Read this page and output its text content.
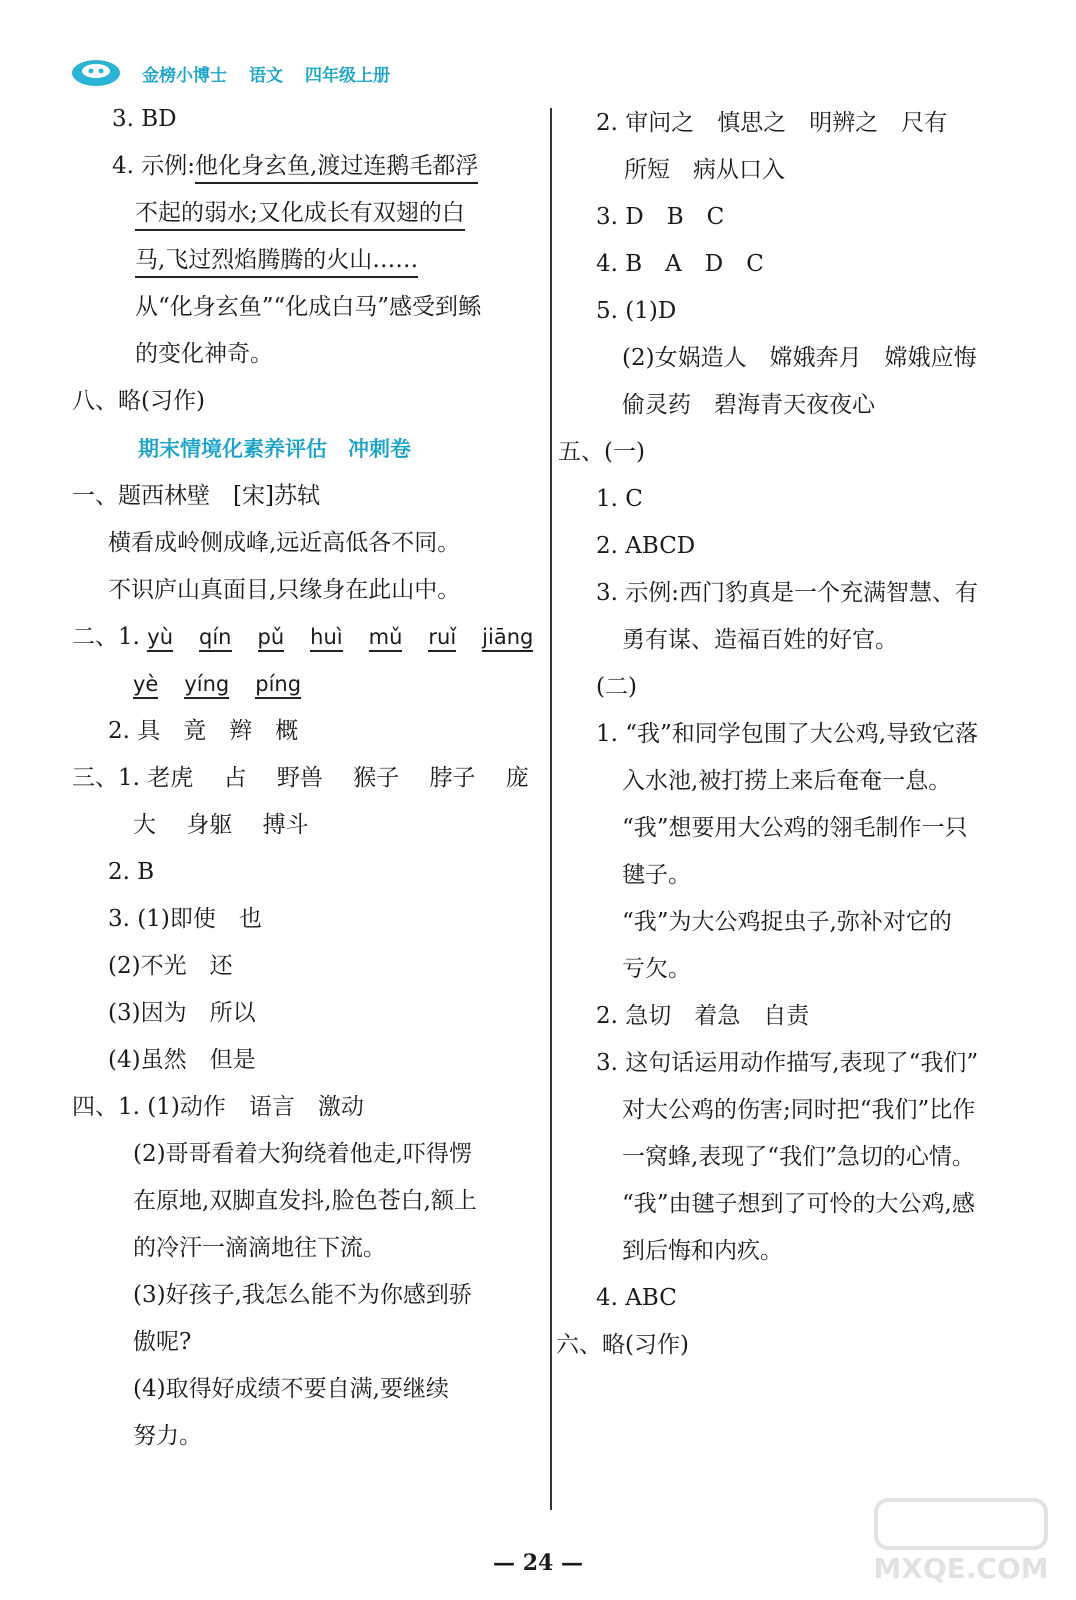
金榜小博士 语文 四年级上册
3. BD
4. 示例:他化身玄鱼,渡过连鹅毛都浮
不起的弱水;又化成长有双翅的白
马,飞过烈焰腾腾的火山……
从“化身玄鱼”“化成白马”感受到鲧
的变化神奇。
八、略(习作)
期末情境化素养评估　冲刺卷
一、题西林壁　[宋]苏轼
横看成岭侧成峰,远近高低各不同。
不识庐山真面目,只缘身在此山中。
二、1. yù qín pǔ huì mǔ ruǐ jiāng
yè yíng píng
2. 具　竟　辫　概
三、1. 老虎　 占　 野兽　 猴子　 脖子　 庞
大　 身躯　 搏斗
2. B
3. (1)即使　也
(2)不光　还
(3)因为　所以
(4)虽然　但是
四、1. (1)动作　语言　激动
(2)哥哥看着大狗绕着他走,吓得愣
在原地,双脚直发抖,脸色苍白,额上
的冷汗一滴滴地往下流。
(3)好孩子,我怎么能不为你感到骄
傲呢?
(4)取得好成绩不要自满,要继续
努力。
2. 审问之　慎思之　明辨之　尺有
所短　病从口入
3. D　B　C
4. B　A　D　C
5. (1)D
(2)女娲造人　嫦娥奔月　嫦娥应悔
偷灵药　碧海青天夜夜心
五、(一)
1. C
2. ABCD
3. 示例:西门豹真是一个充满智慧、有
勇有谋、造福百姓的好官。
(二)
1. “我”和同学包围了大公鸡,导致它落
入水池,被打捞上来后奄奄一息。
“我”想要用大公鸡的翎毛制作一只
毽子。
“我”为大公鸡捉虫子,弥补对它的
亏欠。
2. 急切　着急　自责
3. 这句话运用动作描写,表现了“我们”
对大公鸡的伤害;同时把“我们”比作
一窝蜂,表现了“我们”急切的心情。
“我”由毽子想到了可怜的大公鸡,感
到后悔和内疚。
4. ABC
六、略(习作)
— 24 —	MXQE.COM
